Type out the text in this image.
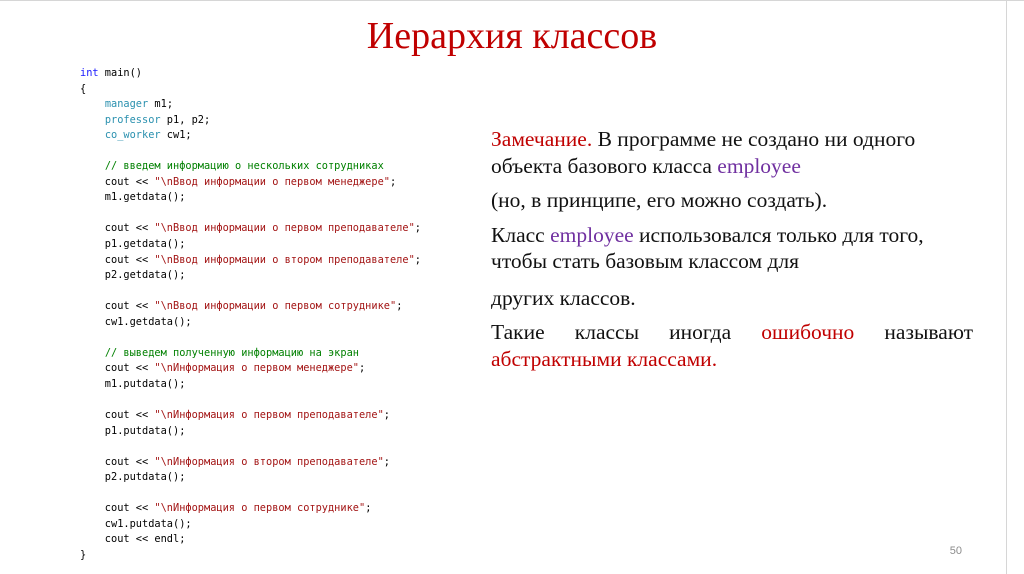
Иерархия классов
int main()
{
manager m1;
professor p1, p2;
co_worker cw1;
// введем информацию о нескольких сотрудниках
cout << "\nВвод информации о первом менеджере";
m1.getdata();
cout << "\nВвод информации о первом преподавателе";
p1.getdata();
cout << "\nВвод информации о втором преподавателе";
p2.getdata();
cout << "\nВвод информации о первом сотруднике";
cw1.getdata();
// выведем полученную информацию на экран
cout << "\nИнформация о первом менеджере";
m1.putdata();
cout << "\nИнформация о первом преподавателе";
p1.putdata();
cout << "\nИнформация о втором преподавателе";
p2.putdata();
cout << "\nИнформация о первом сотруднике";
cw1.putdata();
cout << endl;
}

Замечание. В программе не создано ни одного объекта базового класса employee

(но, в принципе, его можно создать).

Класс employee использовался только для того, чтобы стать базовым классом для

других классов.

Такие классы иногда ошибочно называют абстрактными классами.

50
